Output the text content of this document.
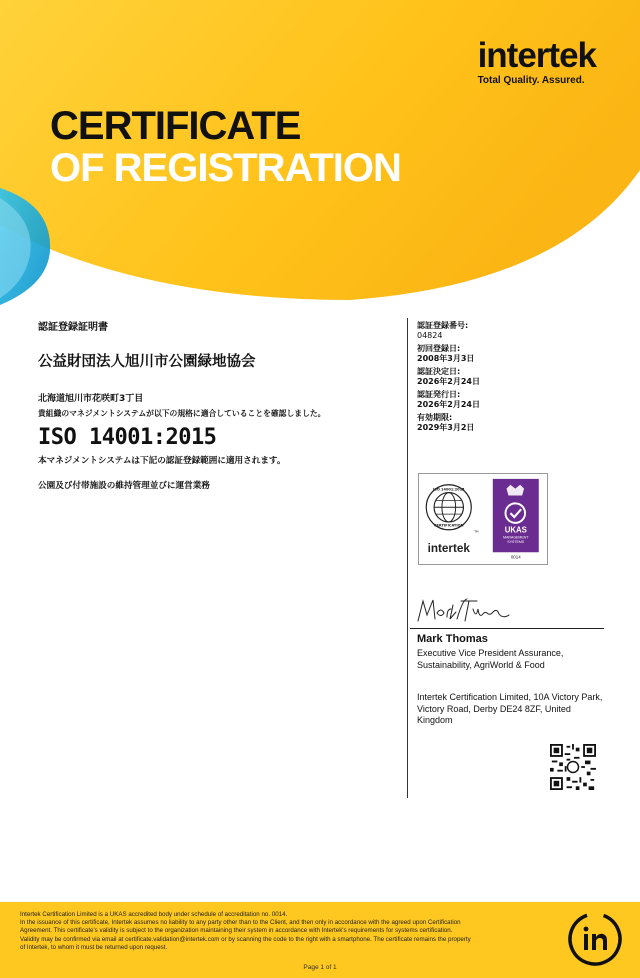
intertek
Total Quality. Assured.
CERTIFICATE
OF REGISTRATION
認証登録証明書
公益財団法人旭川市公園緑地協会
北海道旭川市花咲町3丁目
貴組織のマネジメントシステムが以下の規格に適合していることを確認しました。
ISO 14001:2015
本マネジメントシステムは下記の認証登録範囲に適用されます。
公園及び付帯施設の維持管理並びに運営業務
認証登録番号:
04824
初回登録日:
2008年3月3日
認証決定日:
2026年2月24日
認証発行日:
2026年2月24日
有効期限:
2029年3月2日
ISO 14001:2015
CERTIFICATION
TM
intertek
UKAS
MANAGEMENT
SYSTEMS
0014
Mark Thomas
Executive Vice President Assurance, Sustainability, AgriWorld & Food
Intertek Certification Limited, 10A Victory Park, Victory Road, Derby DE24 8ZF, United Kingdom
Intertek Certification Limited is a UKAS accredited body under schedule of accreditation no. 0014.
In the issuance of this certificate, Intertek assumes no liability to any party other than to the Client, and then only in accordance with the agreed upon Certification
Agreement. This certificate's validity is subject to the organization maintaining their system in accordance with Intertek's requirements for systems certification.
Validity may be confirmed via email at certificate.validation@intertek.com or by scanning the code to the right with a smartphone. The certificate remains the property
of Intertek, to whom it must be returned upon request.
Page 1 of 1
